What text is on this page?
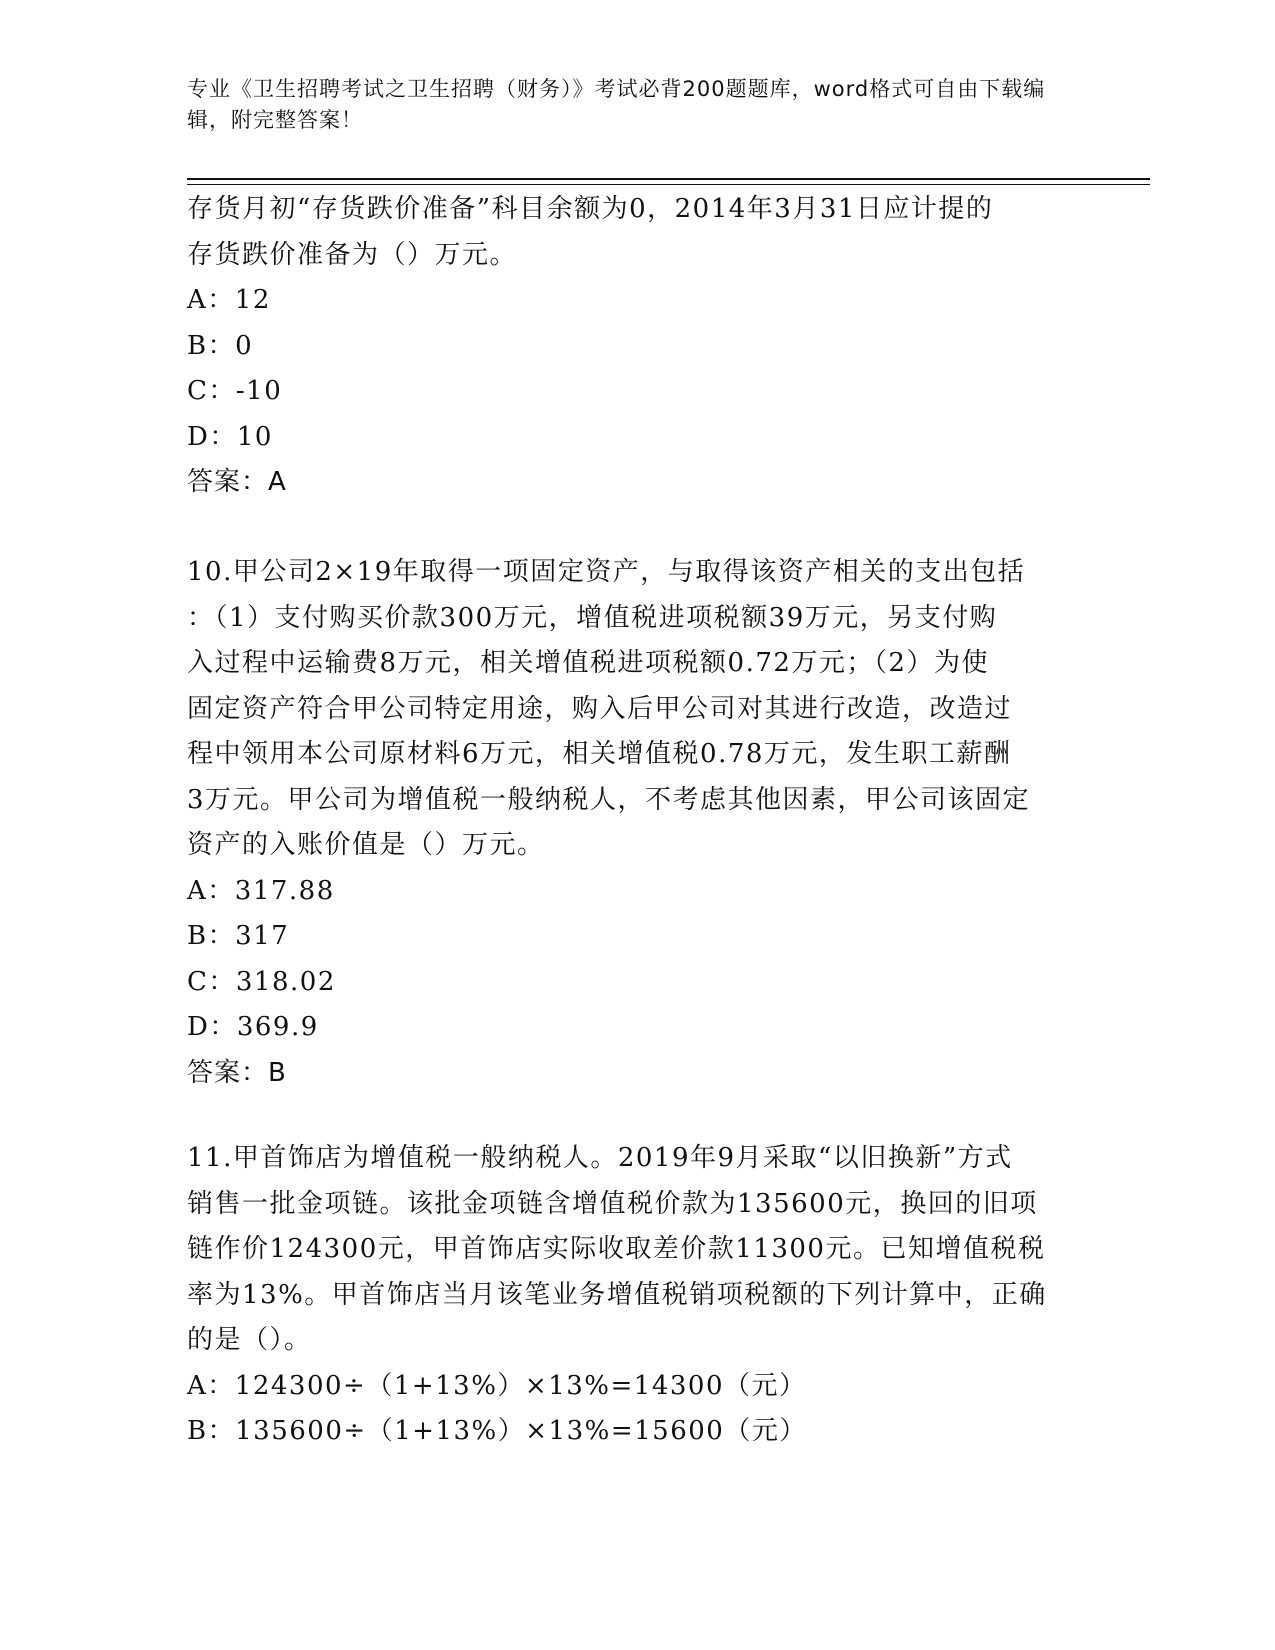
专业《卫生招聘考试之卫生招聘（财务）》考试必背200题题库，word格式可自由下载编辑，附完整答案！
存货月初“存货跌价准备”科目余额为0，2014年3月31日应计提的
存货跌价准备为（）万元。
A：12
B：0
C：-10
D：10
答案：A
10.甲公司2×19年取得一项固定资产，与取得该资产相关的支出包括
：（1）支付购买价款300万元，增值税进项税额39万元，另支付购
入过程中运输费8万元，相关增值税进项税额0.72万元；（2）为使
固定资产符合甲公司特定用途，购入后甲公司对其进行改造，改造过
程中领用本公司原材料6万元，相关增值税0.78万元，发生职工薪酬
3万元。甲公司为增值税一般纳税人，不考虑其他因素，甲公司该固定
资产的入账价值是（）万元。
A：317.88
B：317
C：318.02
D：369.9
答案：B
11.甲首饰店为增值税一般纳税人。2019年9月采取“以旧换新”方式
销售一批金项链。该批金项链含增值税价款为135600元，换回的旧项
链作价124300元，甲首饰店实际收取差价款11300元。已知增值税税
率为13%。甲首饰店当月该笔业务增值税销项税额的下列计算中，正确
的是（）。
A：124300÷（1+13%）×13%=14300（元）
B：135600÷（1+13%）×13%=15600（元）
